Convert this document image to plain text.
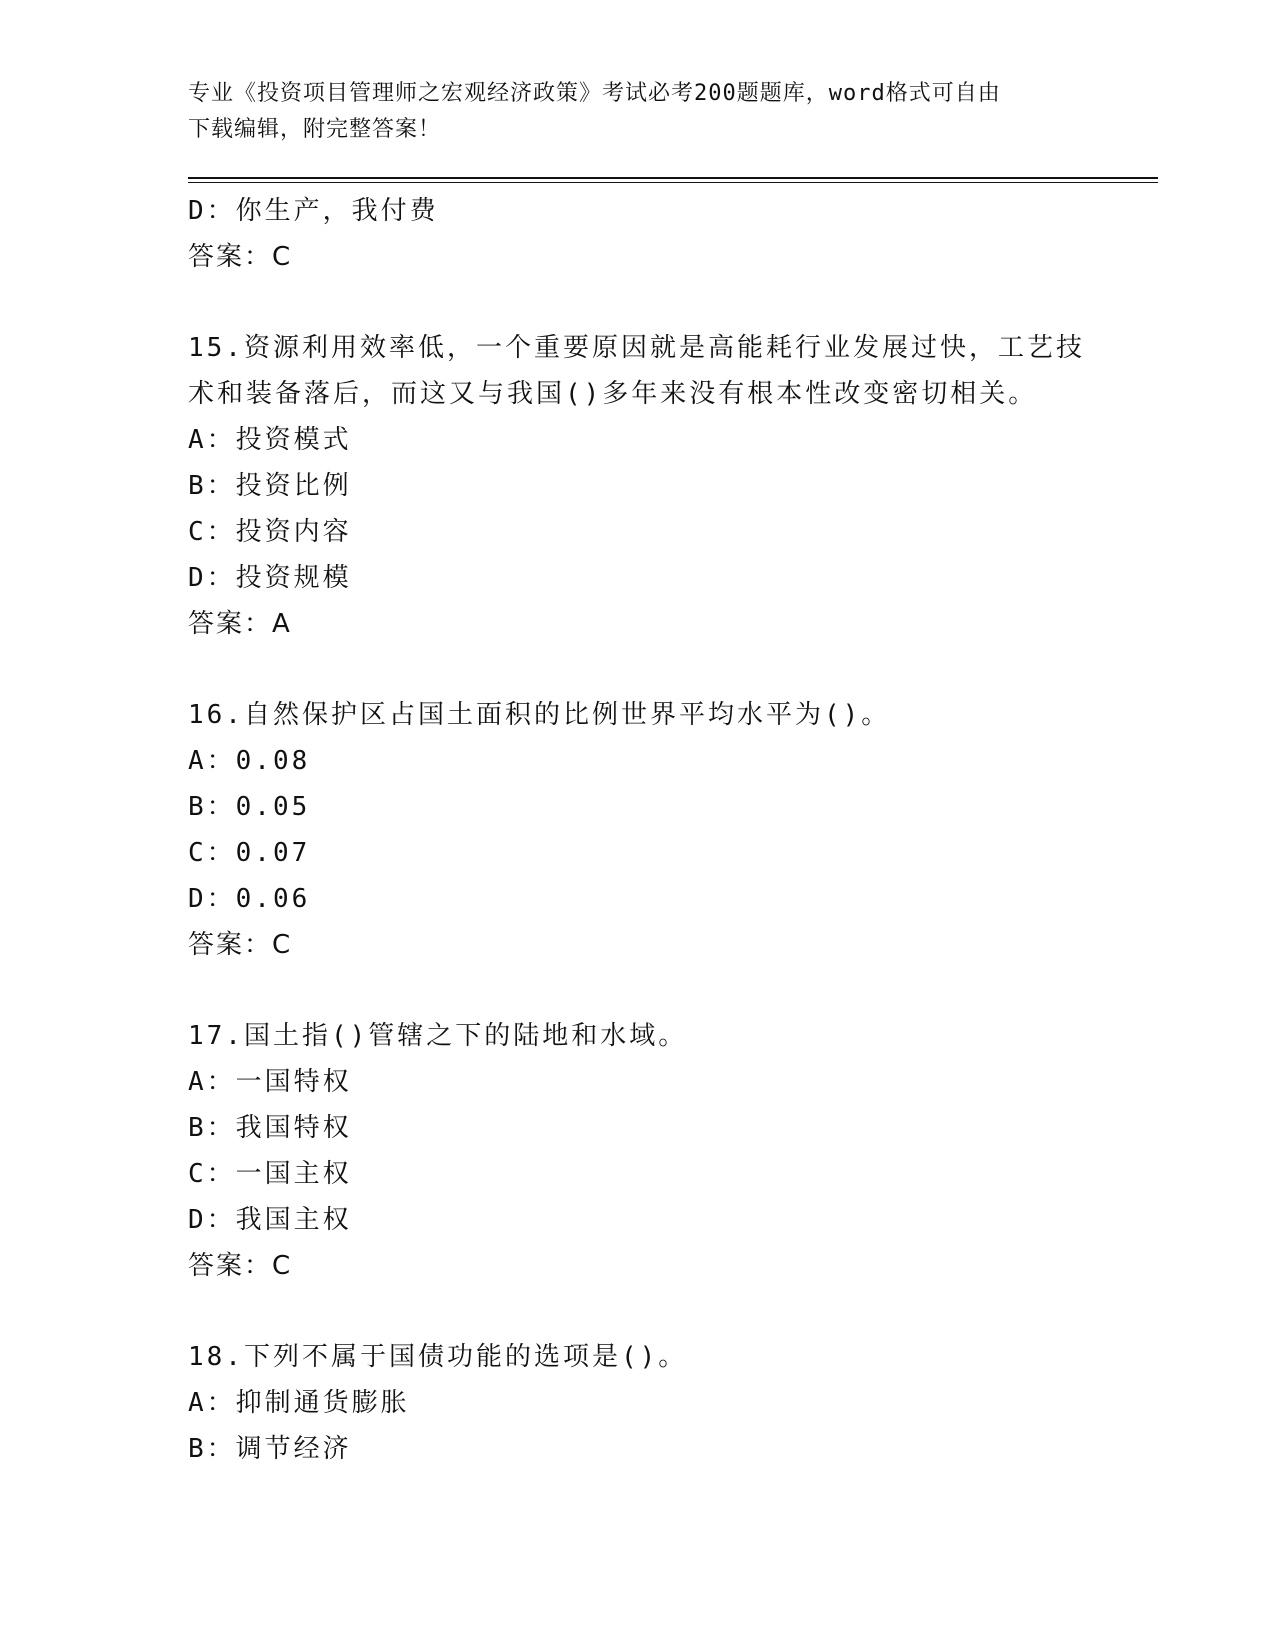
专业《投资项目管理师之宏观经济政策》考试必考200题题库，word格式可自由
下载编辑，附完整答案！
D：你生产，我付费
答案：C
15.资源利用效率低，一个重要原因就是高能耗行业发展过快，工艺技
术和装备落后，而这又与我国()多年来没有根本性改变密切相关。
A：投资模式
B：投资比例
C：投资内容
D：投资规模
答案：A
16.自然保护区占国土面积的比例世界平均水平为()。
A：0.08
B：0.05
C：0.07
D：0.06
答案：C
17.国土指()管辖之下的陆地和水域。
A：一国特权
B：我国特权
C：一国主权
D：我国主权
答案：C
18.下列不属于国债功能的选项是()。
A：抑制通货膨胀
B：调节经济
